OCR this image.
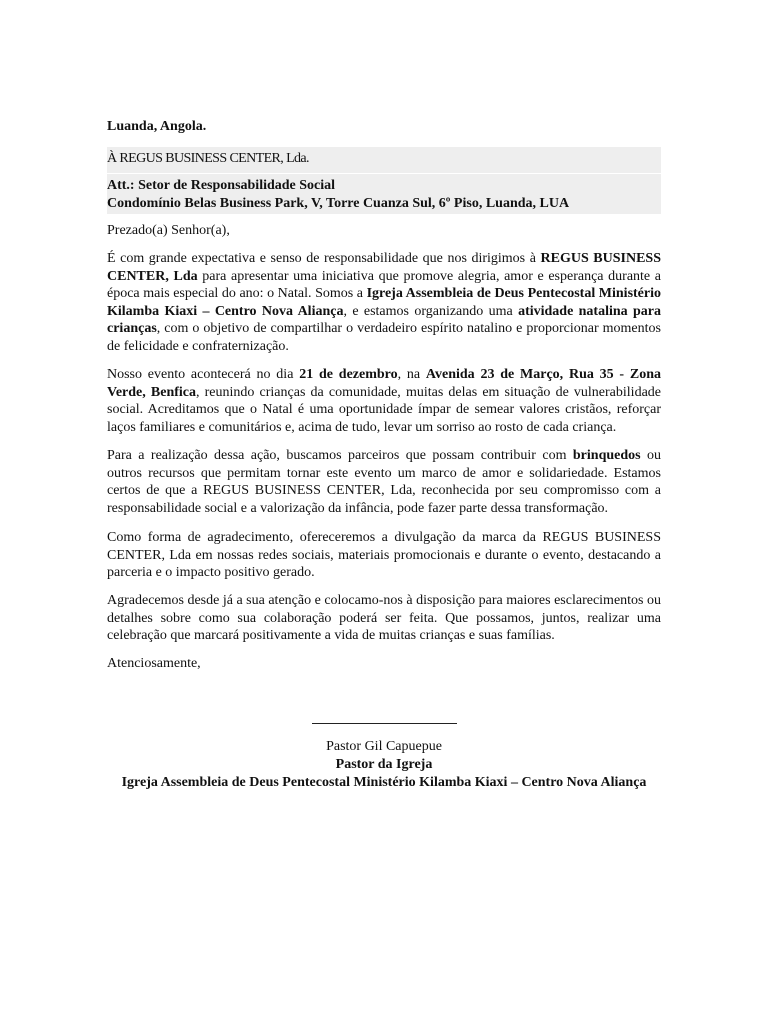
Luanda, Angola.
À REGUS BUSINESS CENTER, Lda.
Att.: Setor de Responsabilidade Social
Condomínio Belas Business Park, V, Torre Cuanza Sul, 6º Piso, Luanda, LUA
Prezado(a) Senhor(a),
É com grande expectativa e senso de responsabilidade que nos dirigimos à REGUS BUSINESS CENTER, Lda para apresentar uma iniciativa que promove alegria, amor e esperança durante a época mais especial do ano: o Natal. Somos a Igreja Assembleia de Deus Pentecostal Ministério Kilamba Kiaxi – Centro Nova Aliança, e estamos organizando uma atividade natalina para crianças, com o objetivo de compartilhar o verdadeiro espírito natalino e proporcionar momentos de felicidade e confraternização.
Nosso evento acontecerá no dia 21 de dezembro, na Avenida 23 de Março, Rua 35 - Zona Verde, Benfica, reunindo crianças da comunidade, muitas delas em situação de vulnerabilidade social. Acreditamos que o Natal é uma oportunidade ímpar de semear valores cristãos, reforçar laços familiares e comunitários e, acima de tudo, levar um sorriso ao rosto de cada criança.
Para a realização dessa ação, buscamos parceiros que possam contribuir com brinquedos ou outros recursos que permitam tornar este evento um marco de amor e solidariedade. Estamos certos de que a REGUS BUSINESS CENTER, Lda, reconhecida por seu compromisso com a responsabilidade social e a valorização da infância, pode fazer parte dessa transformação.
Como forma de agradecimento, ofereceremos a divulgação da marca da REGUS BUSINESS CENTER, Lda em nossas redes sociais, materiais promocionais e durante o evento, destacando a parceria e o impacto positivo gerado.
Agradecemos desde já a sua atenção e colocamo-nos à disposição para maiores esclarecimentos ou detalhes sobre como sua colaboração poderá ser feita. Que possamos, juntos, realizar uma celebração que marcará positivamente a vida de muitas crianças e suas famílias.
Atenciosamente,
Pastor Gil Capuepue
Pastor da Igreja
Igreja Assembleia de Deus Pentecostal Ministério Kilamba Kiaxi – Centro Nova Aliança
